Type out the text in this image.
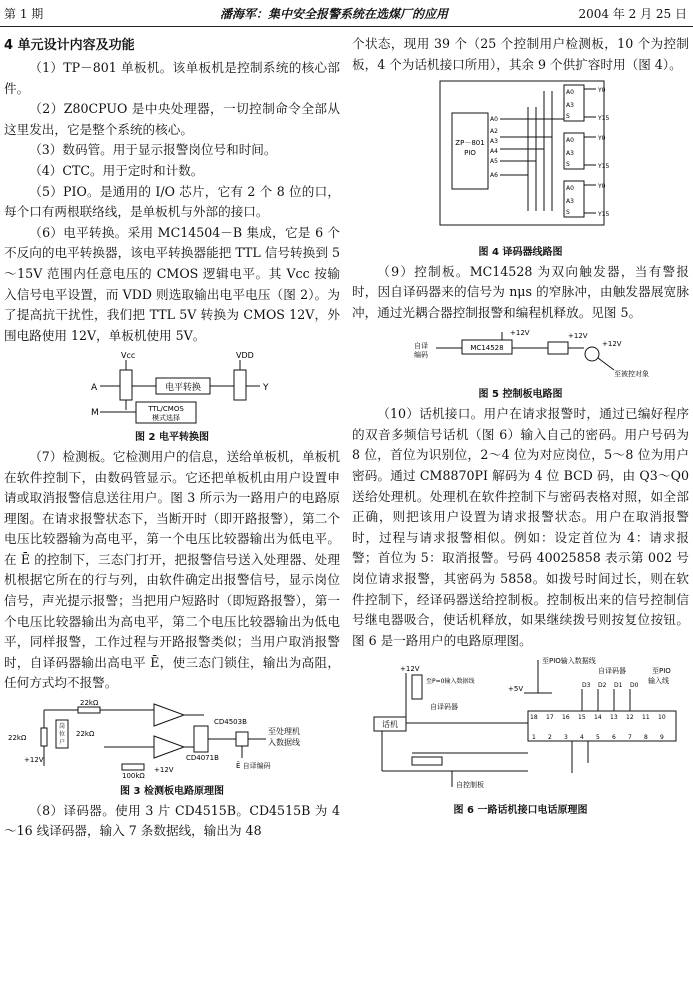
第 1 期	潘海军：集中安全报警系统在选煤厂的应用	2004 年 2 月 25 日
4 单元设计内容及功能

（1）TP－801 单板机。该单板机是控制系统的核心部件。

（2）Z80CPUO 是中央处理器，一切控制命令全部从这里发出，它是整个系统的核心。

（3）数码管。用于显示报警岗位号和时间。

（4）CTC。用于定时和计数。

（5）PIO。是通用的 I/O 芯片，它有 2 个 8 位的口，每个口有两根联络线，是单板机与外部的接口。

（6）电平转换。采用 MC14504－B 集成，它是 6 个不反向的电平转换器，该电平转换器能把 TTL 信号转换到 5～15V 范围内任意电压的 CMOS 逻辑电平。其 Vcc 按输入信号电平设置，而 VDD 则选取输出电平电压（图 2）。为了提高抗干扰性，我们把 TTL 5V 转换为 CMOS 12V，外围电路使用 12V，单板机使用 5V。

Vcc	VDD
A	电平转换	Y
M	TTL/CMOS
模式选择
图 2 电平转换图

（7）检测板。它检测用户的信息，送给单板机，单板机在软件控制下，由数码管显示。它还把单板机由用户设置申请或取消报警信息送往用户。图 3 所示为一路用户的电路原理图。在请求报警状态下，当断开时（即开路报警），第二个电压比较器输为高电平，第一个电压比较器输出为低电平。在 Ē 的控制下，三态门打开，把报警信号送入处理器、处理机根据它所在的行与列，由软件确定出报警信号，显示岗位信号，声光提示报警；当把用户短路时（即短路报警），第一个电压比较器输出为高电平，第二个电压比较器输出为低电平，同样报警，工作过程与开路报警类似；当用户取消报警时，自译码器输出高电平 Ē，使三态门锁住，输出为高阻，任何方式均不报警。

22kΩ
22kΩ
岗
位
户
22kΩ
+12V	CD4071B
CD4503B
至处理机
入数据线
Ē 自译编码
100kΩ
+12V
图 3 检测板电路原理图

（8）译码器。使用 3 片 CD4515B。CD4515B 为 4～16 线译码器，输入 7 条数据线，输出为 48

个状态，现用 39 个（25 个控制用户检测板，10 个为控制板，4 个为话机接口所用），其余 9 个供扩容时用（图 4）。

ZP－801
PIO
A0
A2
A3
A4
A5
A6
A0
A3
S
A0
A3
S
A0
A3
S
Y0
Y15
Y0
Y15
Y0
Y15
图 4 译码器线路图

（9）控制板。MC14528 为双向触发器，当有警报时，因自译码器来的信号为 nμs 的窄脉冲，由触发器展宽脉冲，通过光耦合器控制报警和编程机释放。见图 5。

自译
编码
MC14528
+12V	+12V
+12V
至被控对象
图 5 控制板电路图

（10）话机接口。用户在请求报警时，通过已编好程序的双音多频信号话机（图 6）输入自己的密码。用户号码为 8 位，首位为识别位，2～4 位为对应岗位，5～8 位为用户密码。通过 CM8870PI 解码为 4 位 BCD 码，由 Q3～Q0 送给处理机。处理机在软件控制下与密码表格对照，如全部正确，则把该用户设置为请求报警状态。用户在取消报警时，过程与请求报警相似。例如：设定首位为 4：请求报警；首位为 5：取消报警。号码 40025858 表示第 002 号岗位请求报警，其密码为 5858。如拨号时间过长，则在软件控制下，经译码器送给控制板。控制板出来的信号控制信号继电器吸合，使话机释放，如果继续拨号则按复位按钮。图 6 是一路用户的电路原理图。

至PIO输入数据线
+12V
至P=0输入数据线
自译码器
+5V
自译码器	至PIO
输入线
D3 D2 D1 D0
18 17 16 15 14 13 12 11 10
1 2 3 4 5 6 7 8 9
话机
自控制板
图 6 一路话机接口电话原理图
